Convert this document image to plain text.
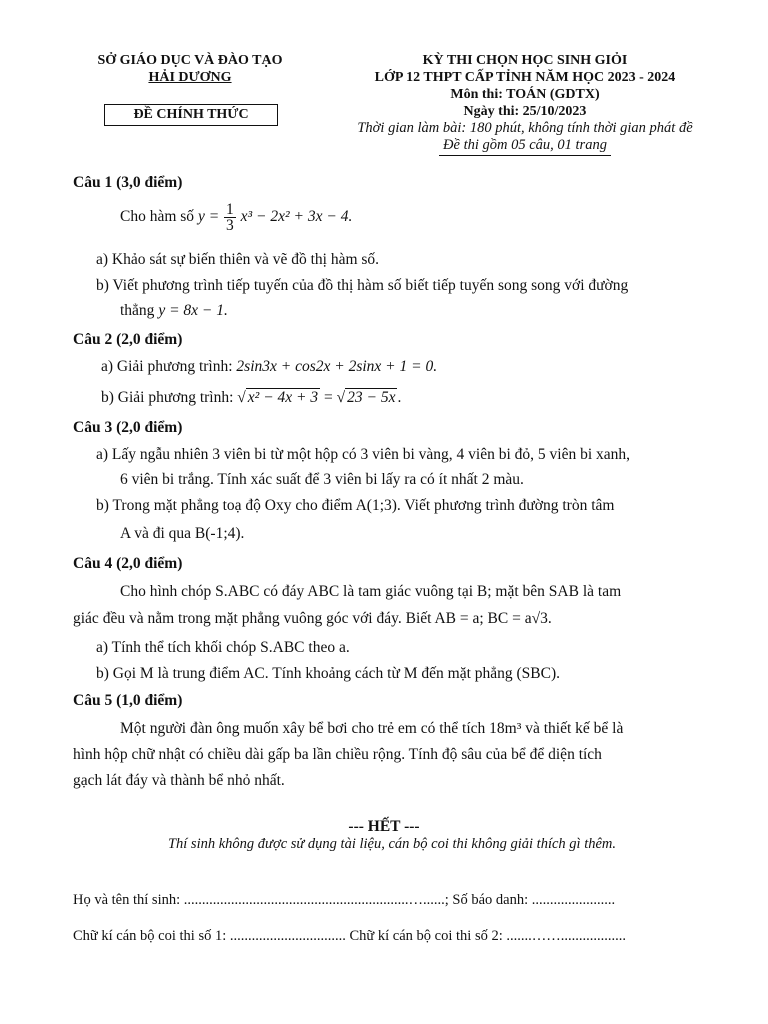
SỞ GIÁO DỤC VÀ ĐÀO TẠO
HẢI DƯƠNG
ĐỀ CHÍNH THỨC
KỲ THI CHỌN HỌC SINH GIỎI
LỚP 12 THPT CẤP TỈNH NĂM HỌC 2023 - 2024
Môn thi: TOÁN (GDTX)
Ngày thi: 25/10/2023
Thời gian làm bài: 180 phút, không tính thời gian phát đề
Đề thi gồm 05 câu, 01 trang
Câu 1 (3,0 điểm)
Cho hàm số $y = \frac{1}{3} x^3 - 2x^2 + 3x - 4$.
a) Khảo sát sự biến thiên và vẽ đồ thị hàm số.
b) Viết phương trình tiếp tuyến của đồ thị hàm số biết tiếp tuyến song song với đường
thẳng y = 8x − 1.
Câu 2 (2,0 điểm)
a) Giải phương trình: 2sin3x + cos2x + 2sinx + 1 = 0.
b) Giải phương trình: √ x² − 4x + 3 = √ 23 − 5x .
Câu 3 (2,0 điểm)
a) Lấy ngẫu nhiên 3 viên bi từ một hộp có 3 viên bi vàng, 4 viên bi đỏ, 5 viên bi xanh,
6 viên bi trắng. Tính xác suất để 3 viên bi lấy ra có ít nhất 2 màu.
b) Trong mặt phẳng toạ độ Oxy cho điểm A(1;3). Viết phương trình đường tròn tâm
A và đi qua B(-1;4).
Câu 4 (2,0 điểm)
Cho hình chóp S.ABC có đáy ABC là tam giác vuông tại B; mặt bên SAB là tam
giác đều và nằm trong mặt phẳng vuông góc với đáy. Biết AB = a; BC = a√3.
a) Tính thể tích khối chóp S.ABC theo a.
b) Gọi M là trung điểm AC. Tính khoảng cách từ M đến mặt phẳng (SBC).
Câu 5 (1,0 điểm)
Một người đàn ông muốn xây bể bơi cho trẻ em có thể tích 18m³ và thiết kế bể là
hình hộp chữ nhật có chiều dài gấp ba lần chiều rộng. Tính độ sâu của bể để diện tích
gạch lát đáy và thành bể nhỏ nhất.
--- HẾT ---
Thí sinh không được sử dụng tài liệu, cán bộ coi thi không giải thích gì thêm.
Họ và tên thí sinh: ..............................................................…......; Số báo danh: .......................
Chữ kí cán bộ coi thi số 1: ................................ Chữ kí cán bộ coi thi số 2: .......……..................
